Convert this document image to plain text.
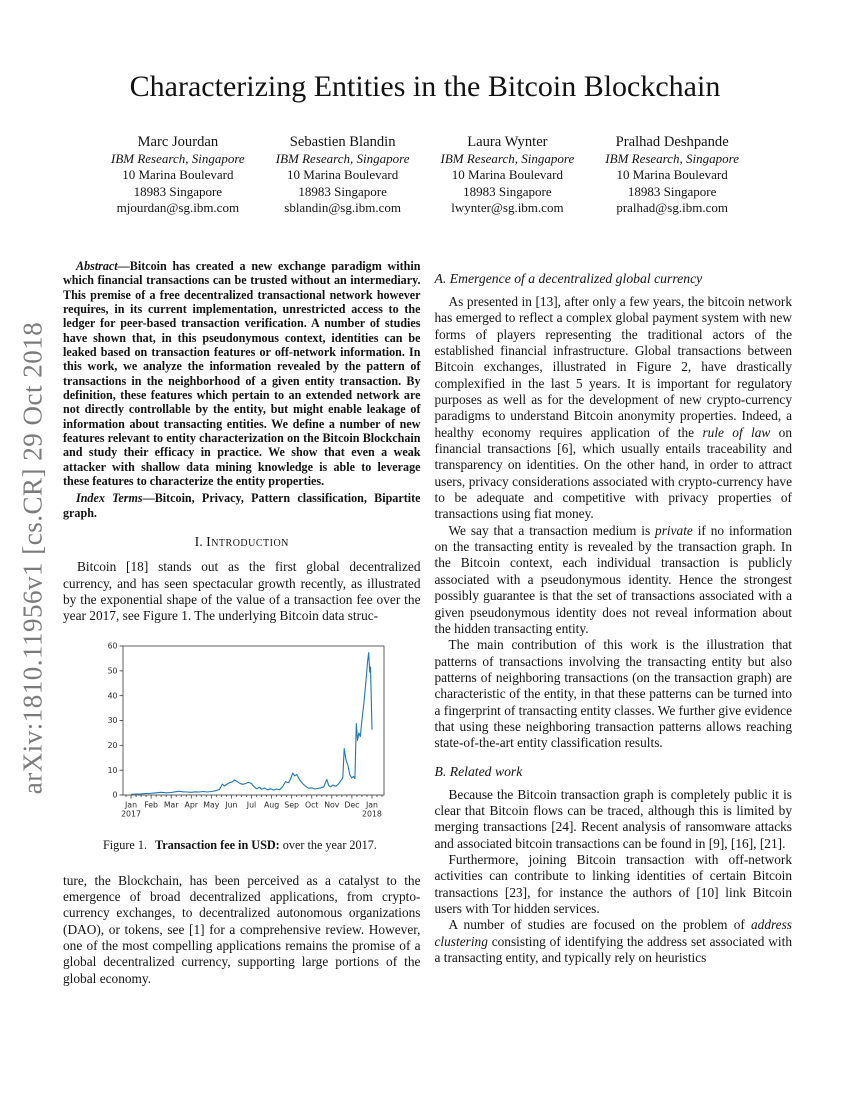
arXiv:1810.11956v1 [cs.CR] 29 Oct 2018
Characterizing Entities in the Bitcoin Blockchain
Marc Jourdan
IBM Research, Singapore
10 Marina Boulevard
18983 Singapore
mjourdan@sg.ibm.com
Sebastien Blandin
IBM Research, Singapore
10 Marina Boulevard
18983 Singapore
sblandin@sg.ibm.com
Laura Wynter
IBM Research, Singapore
10 Marina Boulevard
18983 Singapore
lwynter@sg.ibm.com
Pralhad Deshpande
IBM Research, Singapore
10 Marina Boulevard
18983 Singapore
pralhad@sg.ibm.com

Abstract—Bitcoin has created a new exchange paradigm within which financial transactions can be trusted without an intermediary. This premise of a free decentralized transactional network however requires, in its current implementation, unrestricted access to the ledger for peer-based transaction verification. A number of studies have shown that, in this pseudonymous context, identities can be leaked based on transaction features or off-network information. In this work, we analyze the information revealed by the pattern of transactions in the neighborhood of a given entity transaction. By definition, these features which pertain to an extended network are not directly controllable by the entity, but might enable leakage of information about transacting entities. We define a number of new features relevant to entity characterization on the Bitcoin Blockchain and study their efficacy in practice. We show that even a weak attacker with shallow data mining knowledge is able to leverage these features to characterize the entity properties.

Index Terms—Bitcoin, Privacy, Pattern classification, Bipartite graph.

I. Introduction

Bitcoin [18] stands out as the first global decentralized currency, and has seen spectacular growth recently, as illustrated by the exponential shape of the value of a transaction fee over the year 2017, see Figure 1. The underlying Bitcoin data struc-

0
10
20
30
40
50
60
Jan
2017
Feb Mar Apr May Jun Jul Aug Sep Oct Nov Dec Jan
2018

Figure 1. Transaction fee in USD: over the year 2017.

ture, the Blockchain, has been perceived as a catalyst to the emergence of broad decentralized applications, from crypto-currency exchanges, to decentralized autonomous organizations (DAO), or tokens, see [1] for a comprehensive review. However, one of the most compelling applications remains the promise of a global decentralized currency, supporting large portions of the global economy.

A. Emergence of a decentralized global currency

As presented in [13], after only a few years, the bitcoin network has emerged to reflect a complex global payment system with new forms of players representing the traditional actors of the established financial infrastructure. Global transactions between Bitcoin exchanges, illustrated in Figure 2, have drastically complexified in the last 5 years. It is important for regulatory purposes as well as for the development of new crypto-currency paradigms to understand Bitcoin anonymity properties. Indeed, a healthy economy requires application of the rule of law on financial transactions [6], which usually entails traceability and transparency on identities. On the other hand, in order to attract users, privacy considerations associated with crypto-currency have to be adequate and competitive with privacy properties of transactions using fiat money.

We say that a transaction medium is private if no information on the transacting entity is revealed by the transaction graph. In the Bitcoin context, each individual transaction is publicly associated with a pseudonymous identity. Hence the strongest possibly guarantee is that the set of transactions associated with a given pseudonymous identity does not reveal information about the hidden transacting entity.

The main contribution of this work is the illustration that patterns of transactions involving the transacting entity but also patterns of neighboring transactions (on the transaction graph) are characteristic of the entity, in that these patterns can be turned into a fingerprint of transacting entity classes. We further give evidence that using these neighboring transaction patterns allows reaching state-of-the-art entity classification results.

B. Related work

Because the Bitcoin transaction graph is completely public it is clear that Bitcoin flows can be traced, although this is limited by merging transactions [24]. Recent analysis of ransomware attacks and associated bitcoin transactions can be found in [9], [16], [21].

Furthermore, joining Bitcoin transaction with off-network activities can contribute to linking identities of certain Bitcoin transactions [23], for instance the authors of [10] link Bitcoin users with Tor hidden services.

A number of studies are focused on the problem of address clustering consisting of identifying the address set associated with a transacting entity, and typically rely on heuristics
